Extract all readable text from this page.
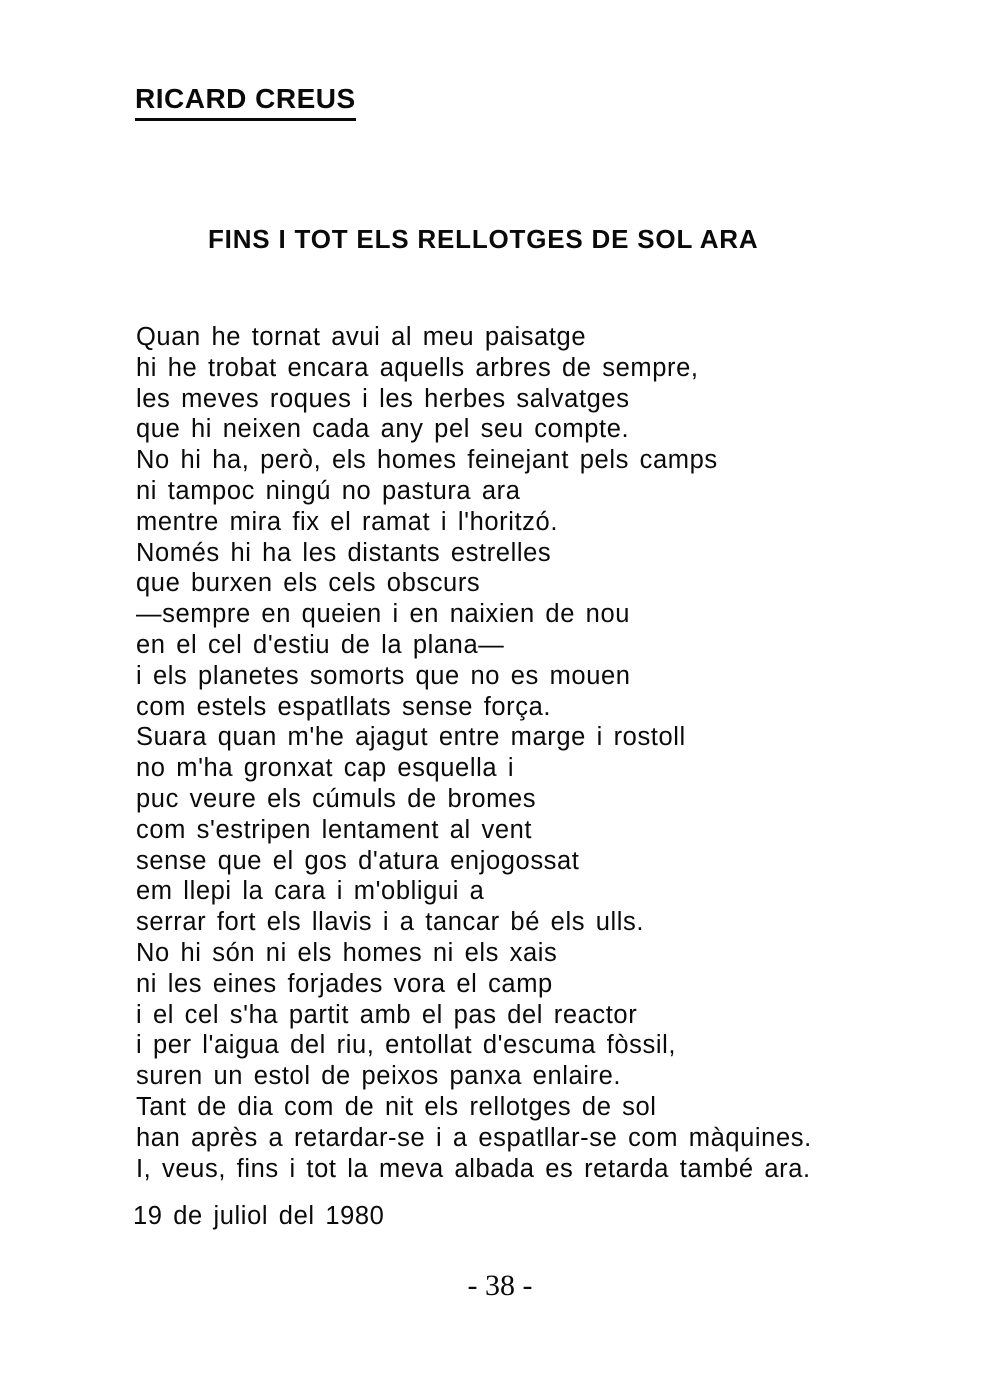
RICARD CREUS
FINS I TOT ELS RELLOTGES DE SOL ARA
Quan he tornat avui al meu paisatge
hi he trobat encara aquells arbres de sempre,
les meves roques i les herbes salvatges
que hi neixen cada any pel seu compte.
No hi ha, però, els homes feinejant pels camps
ni tampoc ningú no pastura ara
mentre mira fix el ramat i l'horitzó.
Només hi ha les distants estrelles
que burxen els cels obscurs
—sempre en queien i en naixien de nou
en el cel d'estiu de la plana—
i els planetes somorts que no es mouen
com estels espatllats sense força.
Suara quan m'he ajagut entre marge i rostoll
no m'ha gronxat cap esquella i
puc veure els cúmuls de bromes
com s'estripen lentament al vent
sense que el gos d'atura enjogossat
em llepi la cara i m'obligui a
serrar fort els llavis i a tancar bé els ulls.
No hi són ni els homes ni els xais
ni les eines forjades vora el camp
i el cel s'ha partit amb el pas del reactor
i per l'aigua del riu, entollat d'escuma fòssil,
suren un estol de peixos panxa enlaire.
Tant de dia com de nit els rellotges de sol
han après a retardar-se i a espatllar-se com màquines.
I, veus, fins i tot la meva albada es retarda també ara.
19 de juliol del 1980
- 38 -
